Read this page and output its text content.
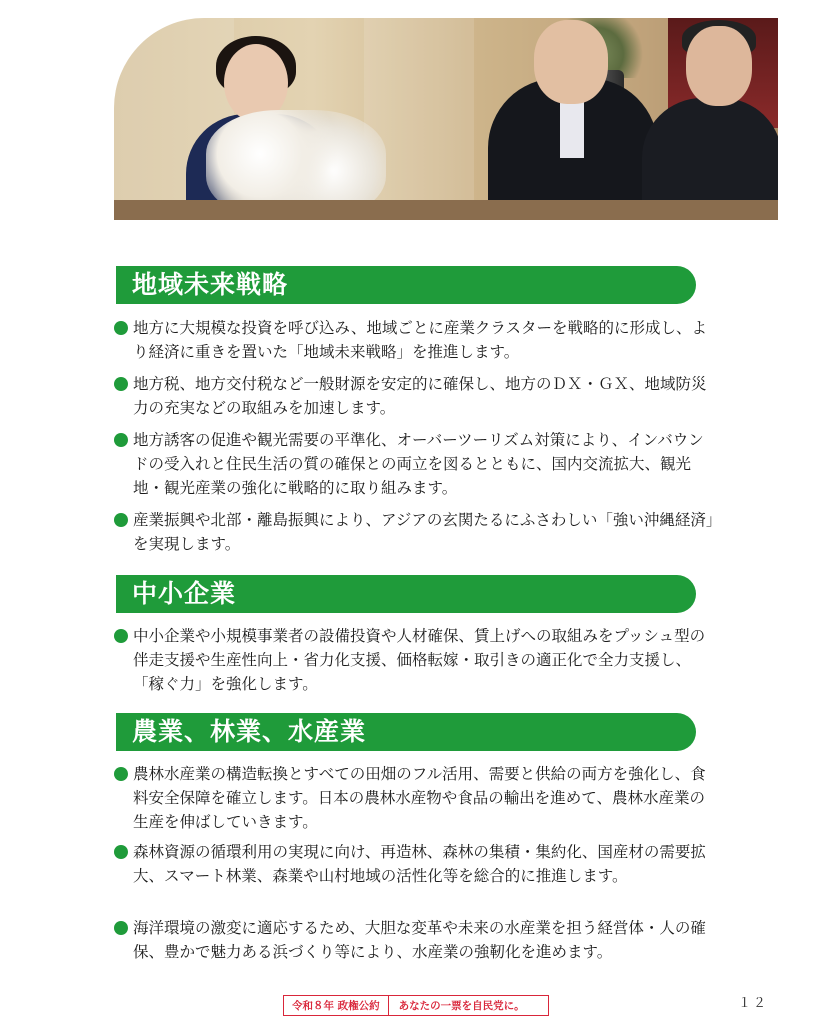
地域未来戦略
地方に大規模な投資を呼び込み、地域ごとに産業クラスターを戦略的に形成し、より経済に重きを置いた「地域未来戦略」を推進します。
地方税、地方交付税など一般財源を安定的に確保し、地方のＤＸ・ＧＸ、地域防災力の充実などの取組みを加速します。
地方誘客の促進や観光需要の平準化、オーバーツーリズム対策により、インバウンドの受入れと住民生活の質の確保との両立を図るとともに、国内交流拡大、観光地・観光産業の強化に戦略的に取り組みます。
産業振興や北部・離島振興により、アジアの玄関たるにふさわしい「強い沖縄経済」を実現します。
中小企業
中小企業や小規模事業者の設備投資や人材確保、賃上げへの取組みをプッシュ型の伴走支援や生産性向上・省力化支援、価格転嫁・取引きの適正化で全力支援し、「稼ぐ力」を強化します。
農業、林業、水産業
農林水産業の構造転換とすべての田畑のフル活用、需要と供給の両方を強化し、食料安全保障を確立します。日本の農林水産物や食品の輸出を進めて、農林水産業の生産を伸ばしていきます。
森林資源の循環利用の実現に向け、再造林、森林の集積・集約化、国産材の需要拡大、スマート林業、森業や山村地域の活性化等を総合的に推進します。
海洋環境の激変に適応するため、大胆な変革や未来の水産業を担う経営体・人の確保、豊かで魅力ある浜づくり等により、水産業の強靭化を進めます。
令和８年 政権公約	あなたの一票を自民党に。	１２
